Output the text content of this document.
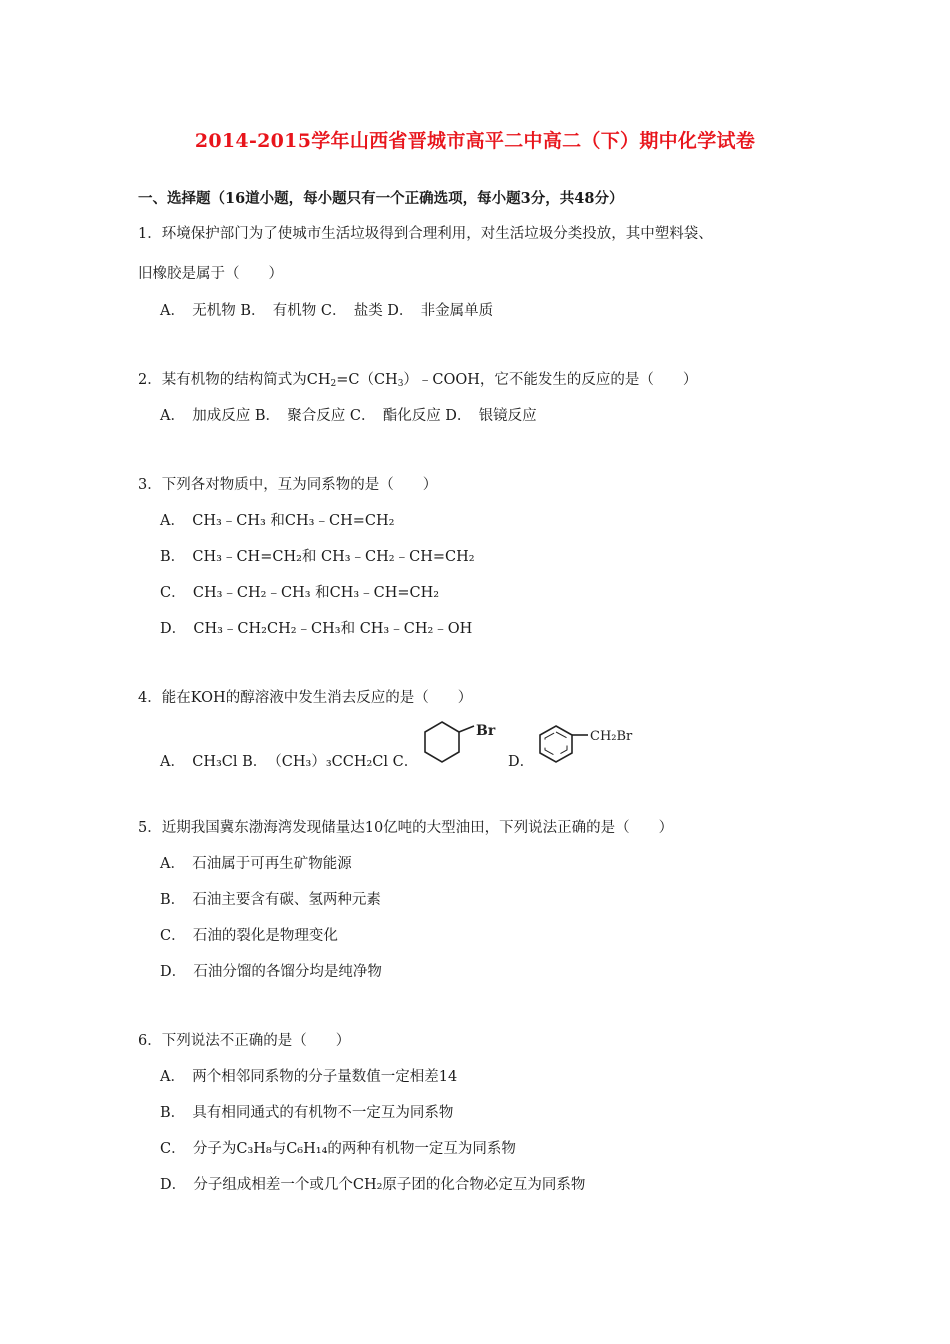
2014-2015学年山西省晋城市高平二中高二（下）期中化学试卷
一、选择题（16道小题，每小题只有一个正确选项，每小题3分，共48分）
1．环境保护部门为了使城市生活垃圾得到合理利用，对生活垃圾分类投放，其中塑料袋、
旧橡胶是属于（　　）
A．　无机物 B．　有机物 C．　盐类 D．　非金属单质
2．某有机物的结构简式为$CH_2=C(CH_3)﹣COOH$，它不能发生的反应的是（　　）
A．　加成反应 B．　聚合反应 C．　酯化反应 D．　银镜反应
3．下列各对物质中，互为同系物的是（　　）
A．　CH₃﹣CH₃ 和CH₃﹣CH=CH₂
B．　CH₃﹣CH=CH₂和 CH₃﹣CH₂﹣CH=CH₂
C．　CH₃﹣CH₂﹣CH₃ 和CH₃﹣CH=CH₂
D．　CH₃﹣CH₂CH₂﹣CH₃和 CH₃﹣CH₂﹣OH
4．能在KOH的醇溶液中发生消去反应的是（　　）
A．　CH₃Cl B．　（CH₃）₃CCH₂Cl C．
Br
D．
CH₂Br
5．近期我国冀东渤海湾发现储量达10亿吨的大型油田，下列说法正确的是（　　）
A．　石油属于可再生矿物能源
B．　石油主要含有碳、氢两种元素
C．　石油的裂化是物理变化
D．　石油分馏的各馏分均是纯净物
6．下列说法不正确的是（　　）
A．　两个相邻同系物的分子量数值一定相差14
B．　具有相同通式的有机物不一定互为同系物
C．　分子为C₃H₈与C₆H₁₄的两种有机物一定互为同系物
D．　分子组成相差一个或几个CH₂原子团的化合物必定互为同系物
